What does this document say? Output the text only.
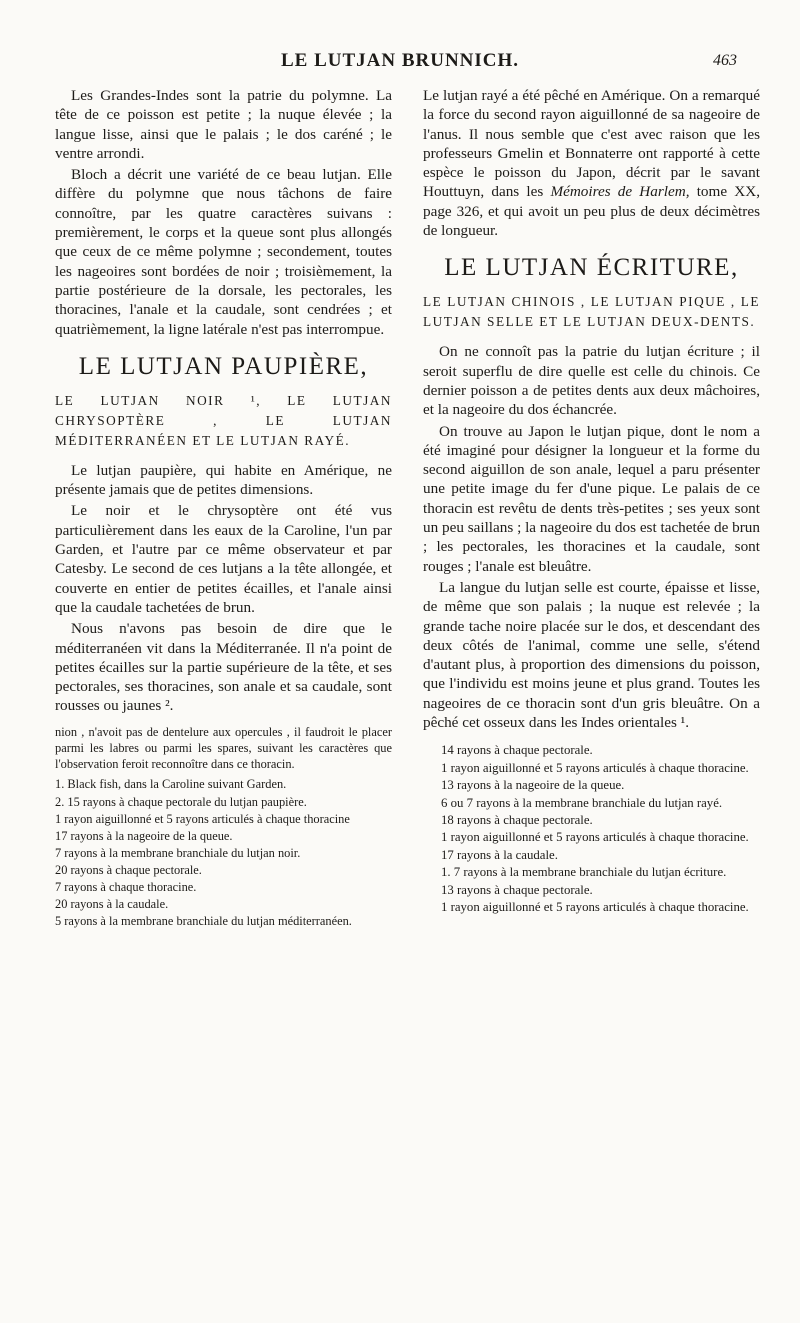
LE LUTJAN BRUNNICH.	463

Les Grandes-Indes sont la patrie du polymne. La tête de ce poisson est petite ; la nuque élevée ; la langue lisse, ainsi que le palais ; le dos caréné ; le ventre arrondi.

Bloch a décrit une variété de ce beau lutjan. Elle diffère du polymne que nous tâchons de faire connoître, par les quatre caractères suivans : premièrement, le corps et la queue sont plus allongés que ceux de ce même polymne ; secondement, toutes les nageoires sont bordées de noir ; troisièmement, la partie postérieure de la dorsale, les pectorales, les thoracines, l'anale et la caudale, sont cendrées ; et quatrièmement, la ligne latérale n'est pas interrompue.

LE LUTJAN PAUPIÈRE,
LE LUTJAN NOIR ¹, LE LUTJAN CHRYSOPTÈRE , LE LUTJAN MÉDITERRANÉEN ET LE LUTJAN RAYÉ.

Le lutjan paupière, qui habite en Amérique, ne présente jamais que de petites dimensions.

Le noir et le chrysoptère ont été vus particulièrement dans les eaux de la Caroline, l'un par Garden, et l'autre par ce même observateur et par Catesby. Le second de ces lutjans a la tête allongée, et couverte en entier de petites écailles, et l'anale ainsi que la caudale tachetées de brun.

Nous n'avons pas besoin de dire que le méditerranéen vit dans la Méditerranée. Il n'a point de petites écailles sur la partie supérieure de la tête, et ses pectorales, ses thoracines, son anale et sa caudale, sont rousses ou jaunes ².

nion , n'avoit pas de dentelure aux opercules , il faudroit le placer parmi les labres ou parmi les spares, suivant les caractères que l'observation feroit reconnoître dans ce thoracin.

1. Black fish, dans la Caroline suivant Garden.

2. 15 rayons à chaque pectorale du lutjan paupière.
1 rayon aiguillonné et 5 rayons articulés à chaque thoracine
17 rayons à la nageoire de la queue.
7 rayons à la membrane branchiale du lutjan noir.
20 rayons à chaque pectorale.
7 rayons à chaque thoracine.
20 rayons à la caudale.
5 rayons à la membrane branchiale du lutjan méditerranéen.

Le lutjan rayé a été pêché en Amérique. On a remarqué la force du second rayon aiguillonné de sa nageoire de l'anus. Il nous semble que c'est avec raison que les professeurs Gmelin et Bonnaterre ont rapporté à cette espèce le poisson du Japon, décrit par le savant Houttuyn, dans les Mémoires de Harlem, tome XX, page 326, et qui avoit un peu plus de deux décimètres de longueur.

LE LUTJAN ÉCRITURE,
LE LUTJAN CHINOIS , LE LUTJAN PIQUE , LE LUTJAN SELLE ET LE LUTJAN DEUX-DENTS.

On ne connoît pas la patrie du lutjan écriture ; il seroit superflu de dire quelle est celle du chinois. Ce dernier poisson a de petites dents aux deux mâchoires, et la nageoire du dos échancrée.

On trouve au Japon le lutjan pique, dont le nom a été imaginé pour désigner la longueur et la forme du second aiguillon de son anale, lequel a paru présenter une petite image du fer d'une pique. Le palais de ce thoracin est revêtu de dents très-petites ; ses yeux sont un peu saillans ; la nageoire du dos est tachetée de brun ; les pectorales, les thoracines et la caudale, sont rouges ; l'anale est bleuâtre.

La langue du lutjan selle est courte, épaisse et lisse, de même que son palais ; la nuque est relevée ; la grande tache noire placée sur le dos, et descendant des deux côtés de l'animal, comme une selle, s'étend d'autant plus, à proportion des dimensions du poisson, que l'individu est moins jeune et plus grand. Toutes les nageoires de ce thoracin sont d'un gris bleuâtre. On a pêché cet osseux dans les Indes orientales ¹.

14 rayons à chaque pectorale.
1 rayon aiguillonné et 5 rayons articulés à chaque thoracine.
13 rayons à la nageoire de la queue.
6 ou 7 rayons à la membrane branchiale du lutjan rayé.
18 rayons à chaque pectorale.
1 rayon aiguillonné et 5 rayons articulés à chaque thoracine.
17 rayons à la caudale.
1. 7 rayons à la membrane branchiale du lutjan écriture.
13 rayons à chaque pectorale.
1 rayon aiguillonné et 5 rayons articulés à chaque thoracine.
